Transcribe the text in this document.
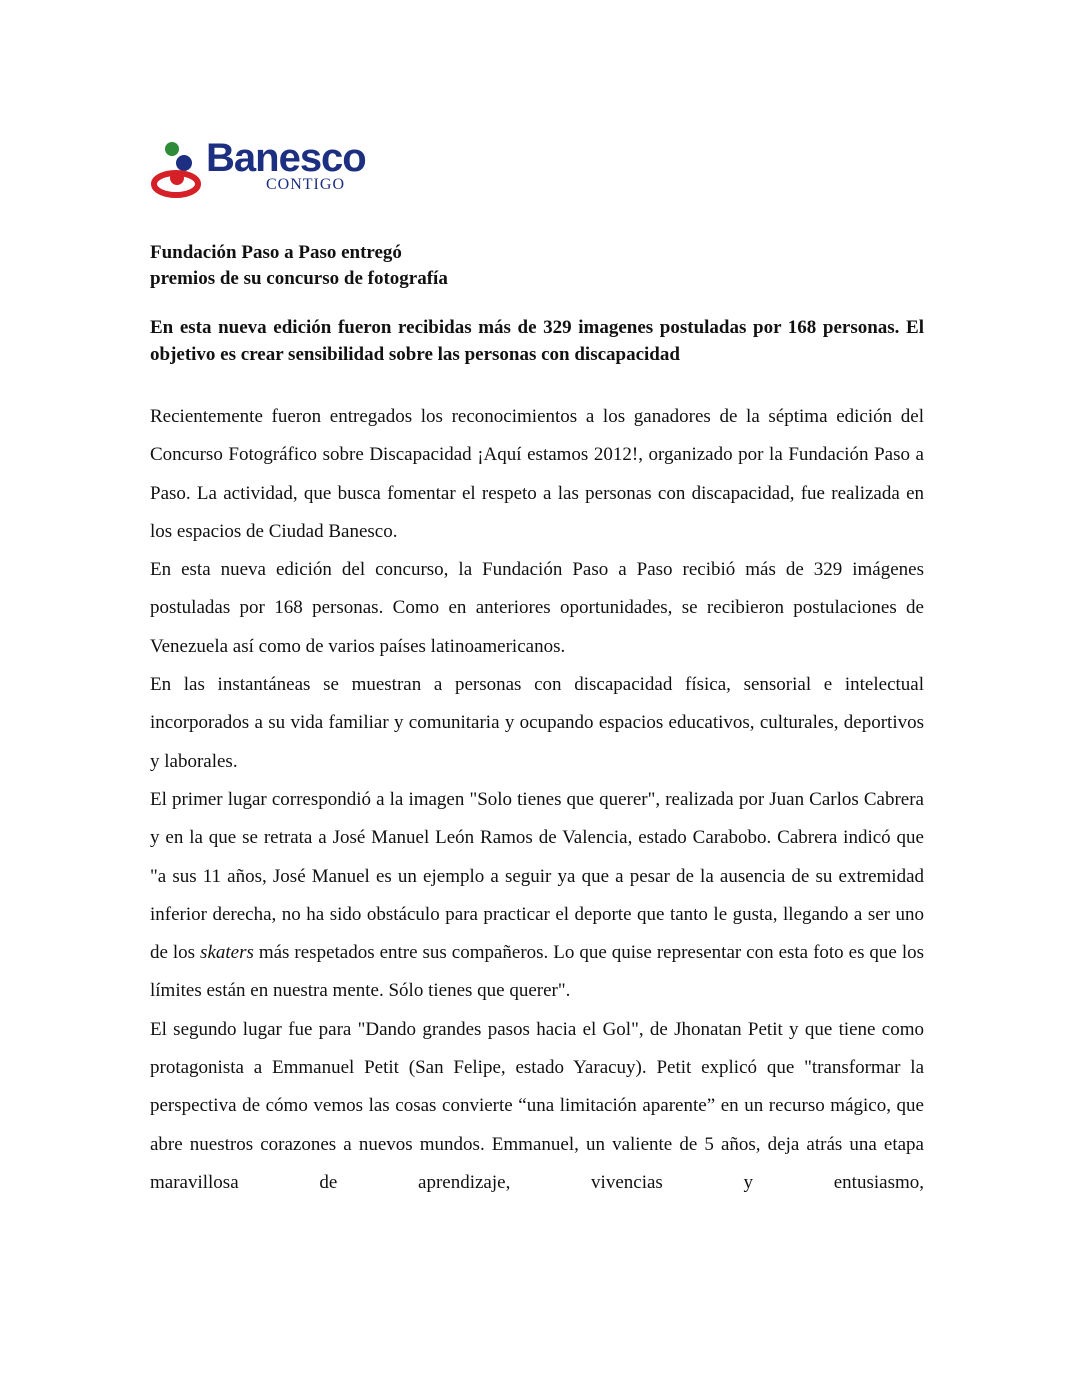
Banesco
CONTIGO
Fundación Paso a Paso entregó
premios de su concurso de fotografía

En esta nueva edición fueron recibidas más de 329 imagenes postuladas por 168 personas. El objetivo es crear sensibilidad sobre las personas con discapacidad

Recientemente fueron entregados los reconocimientos a los ganadores de la séptima edición del Concurso Fotográfico sobre Discapacidad ¡Aquí estamos 2012!, organizado por la Fundación Paso a Paso. La actividad, que busca fomentar el respeto a las personas con discapacidad, fue realizada en los espacios de Ciudad Banesco.

En esta nueva edición del concurso, la Fundación Paso a Paso recibió más de 329 imágenes postuladas por 168 personas. Como en anteriores oportunidades, se recibieron postulaciones de Venezuela así como de varios países latinoamericanos.

En las instantáneas se muestran a personas con discapacidad física, sensorial e intelectual incorporados a su vida familiar y comunitaria y ocupando espacios educativos, culturales, deportivos y laborales.

El primer lugar correspondió a la imagen "Solo tienes que querer", realizada por Juan Carlos Cabrera y en la que se retrata a José Manuel León Ramos de Valencia, estado Carabobo. Cabrera indicó que "a sus 11 años, José Manuel es un ejemplo a seguir ya que a pesar de la ausencia de su extremidad inferior derecha, no ha sido obstáculo para practicar el deporte que tanto le gusta, llegando a ser uno de los skaters más respetados entre sus compañeros. Lo que quise representar con esta foto es que los límites están en nuestra mente. Sólo tienes que querer".

El segundo lugar fue para "Dando grandes pasos hacia el Gol", de Jhonatan Petit y que tiene como protagonista a Emmanuel Petit (San Felipe, estado Yaracuy). Petit explicó que "transformar la perspectiva de cómo vemos las cosas convierte “una limitación aparente” en un recurso mágico, que abre nuestros corazones a nuevos mundos. Emmanuel, un valiente de 5 años, deja atrás una etapa maravillosa de aprendizaje, vivencias y entusiasmo,
